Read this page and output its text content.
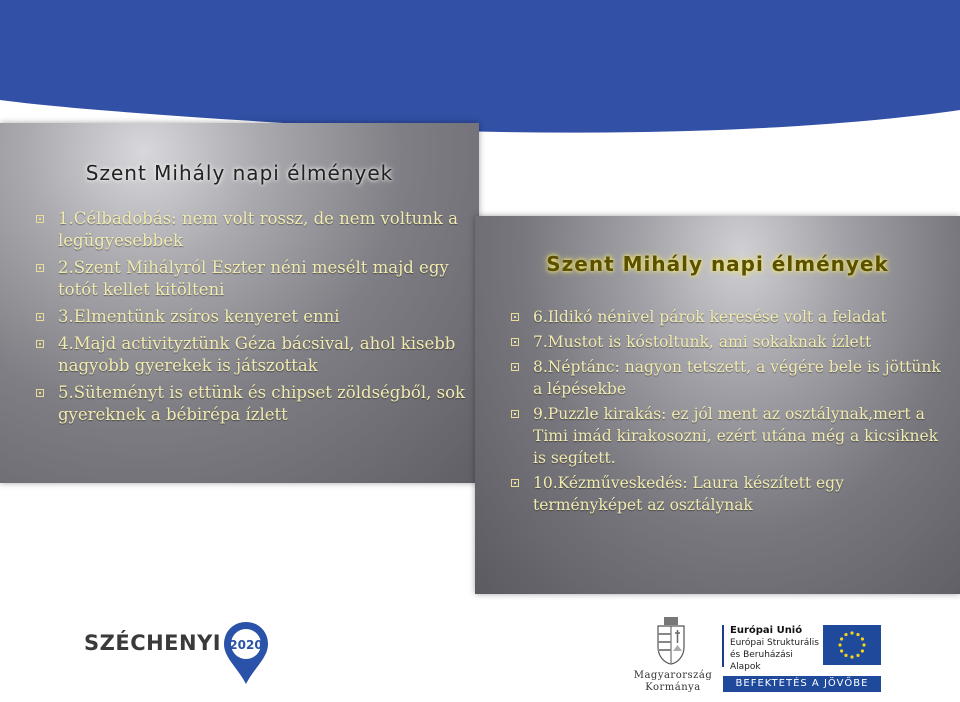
Szent Mihály napi élmények
1.Célbadobás: nem volt rossz, de nem voltunk a legügyesebbek
2.Szent Mihályról Eszter néni mesélt majd egy totót kellet kitölteni
3.Elmentünk zsíros kenyeret enni
4.Majd activityztünk Géza bácsival, ahol kisebb nagyobb gyerekek is játszottak
5.Süteményt is ettünk és chipset zöldségből, sok gyereknek a bébirépa ízlett
Szent Mihály napi élmények
6.Ildikó nénivel párok keresése volt a feladat
7.Mustot is kóstoltunk, ami sokaknak ízlett
8.Néptánc: nagyon tetszett, a végére bele is jöttünk a lépésekbe
9.Puzzle kirakás: ez jól ment az osztálynak,mert a Timi imád kirakosozni, ezért utána még a kicsiknek is segített.
10.Kézműveskedés: Laura készített egy terményképet az osztálynak
SZÉCHENYI 2020
Magyarország
Kormánya
Európai Unió
Európai Strukturális
és Beruházási Alapok
BEFEKTETÉS A JÖVŐBE
